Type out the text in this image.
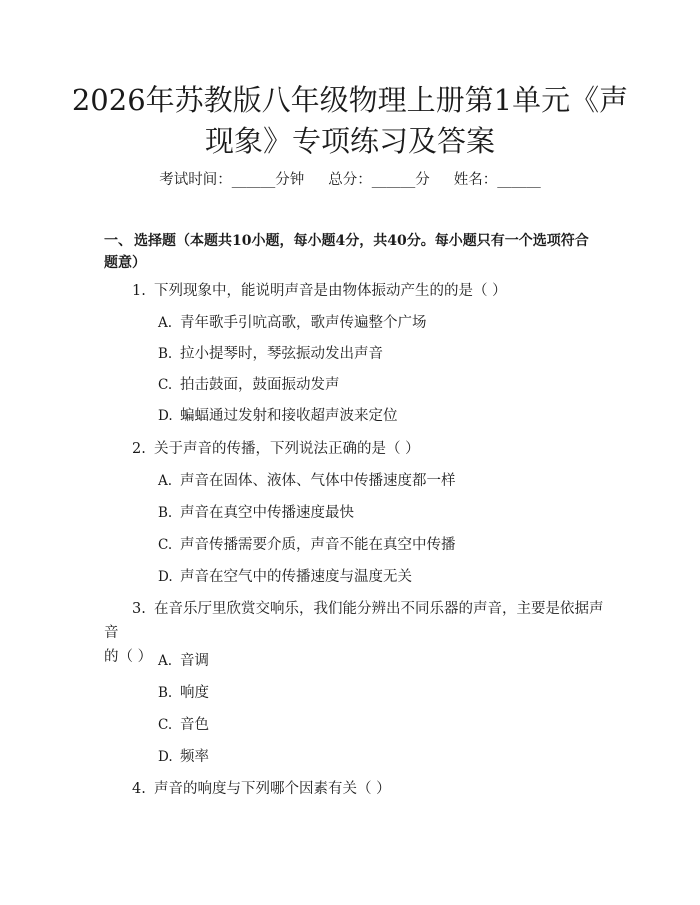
2026年苏教版八年级物理上册第1单元《声
现象》专项练习及答案
考试时间：______分钟 总分：______分 姓名：______
一、 选择题（本题共10小题，每小题4分，共40分。每小题只有一个选项符合
题意）
1. 下列现象中，能说明声音是由物体振动产生的的是（ ）
A. 青年歌手引吭高歌，歌声传遍整个广场
B. 拉小提琴时，琴弦振动发出声音
C. 拍击鼓面，鼓面振动发声
D. 蝙蝠通过发射和接收超声波来定位
2. 关于声音的传播，下列说法正确的是（ ）
A. 声音在固体、液体、气体中传播速度都一样
B. 声音在真空中传播速度最快
C. 声音传播需要介质，声音不能在真空中传播
D. 声音在空气中的传播速度与温度无关
3. 在音乐厅里欣赏交响乐，我们能分辨出不同乐器的声音，主要是依据声音
的（ ） A. 音调
B. 响度
C. 音色
D. 频率
4. 声音的响度与下列哪个因素有关（ ）
